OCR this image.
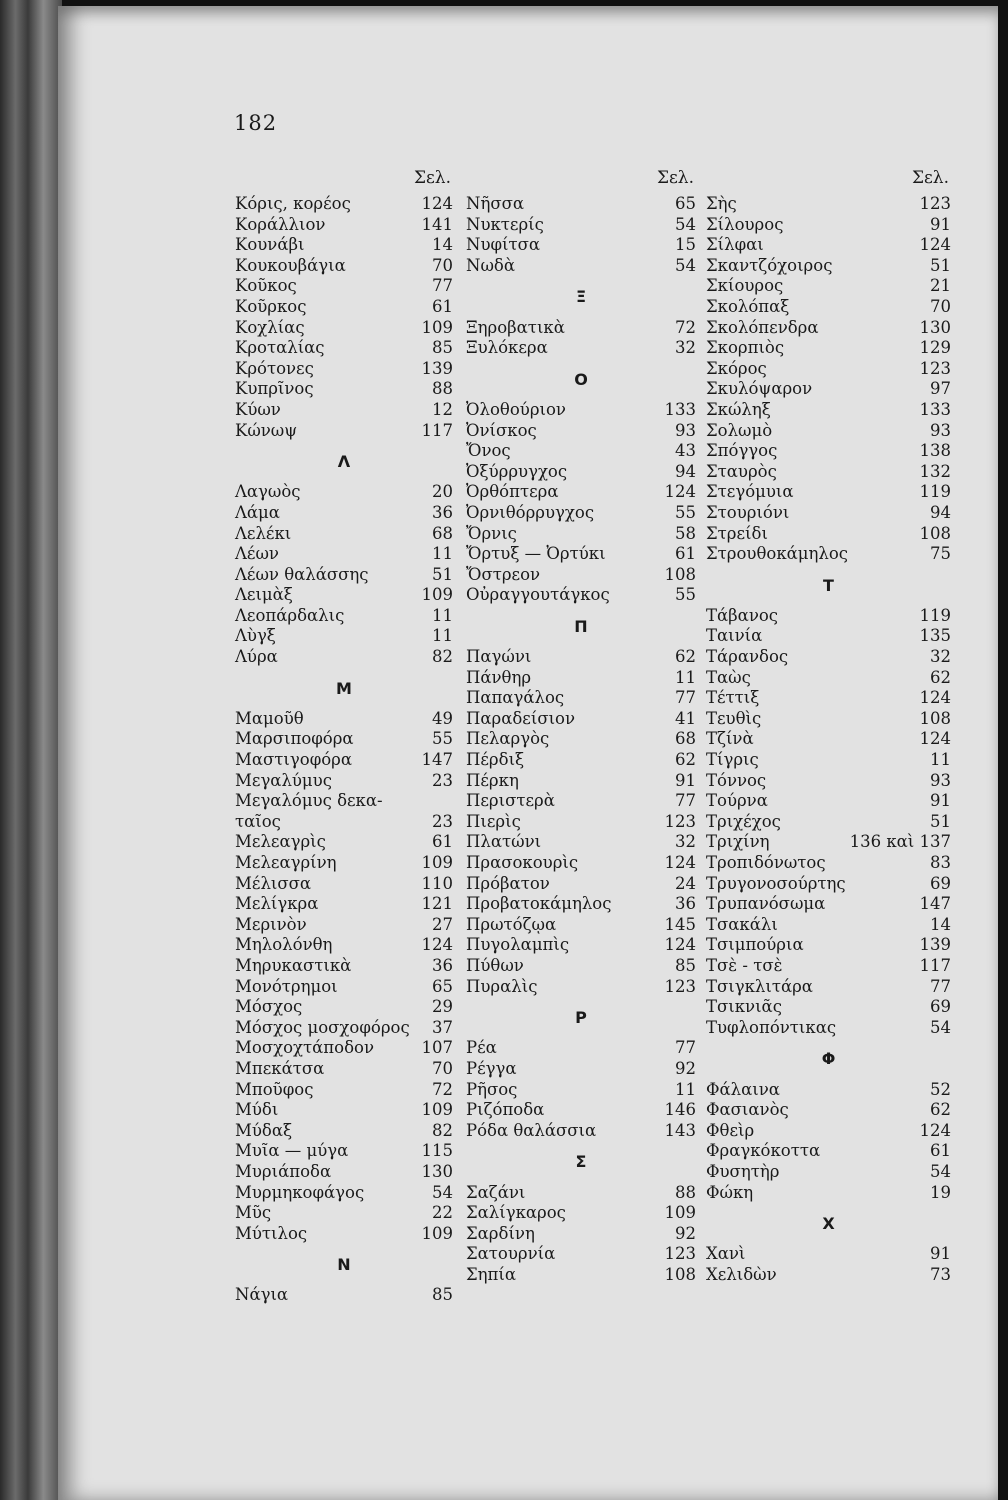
182
Σελ.
Κόρις, κορέος	124
Κοράλλιον	141
Κουνάβι	14
Κουκουβάγια	70
Κοῦκος	77
Κοῦρκος	61
Κοχλίας	109
Κροταλίας	85
Κρότονες	139
Κυπρῖνος	88
Κύων	12
Κώνωψ	117
Λ
Λαγωὸς	20
Λάμα	36
Λελέκι	68
Λέων	11
Λέων θαλάσσης	51
Λειμὰξ	109
Λεοπάρδαλις	11
Λὺγξ	11
Λύρα	82
Μ
Μαμοῦθ	49
Μαρσιποφόρα	55
Μαστιγοφόρα	147
Μεγαλύμυς	23
Μεγαλόμυς δεκα-
ταῖος	23
Μελεαγρὶς	61
Μελεαγρίνη	109
Μέλισσα	110
Μελίγκρα	121
Μερινὸν	27
Μηλολόνθη	124
Μηρυκαστικὰ	36
Μονότρημοι	65
Μόσχος	29
Μόσχος μοσχοφόρος	37
Μοσχοχτάποδον	107
Μπεκάτσα	70
Μποῦφος	72
Μύδι	109
Μύδαξ	82
Μυῖα — μύγα	115
Μυριάποδα	130
Μυρμηκοφάγος	54
Μῦς	22
Μύτιλος	109
Ν
Νάγια	85
Σελ.
Νῆσσα	65
Νυκτερίς	54
Νυφίτσα	15
Νωδὰ	54
Ξ
Ξηροβατικὰ	72
Ξυλόκερα	32
Ο
Ὀλοθούριον	133
Ὀνίσκος	93
Ὄνος	43
Ὀξύρρυγχος	94
Ὀρθόπτερα	124
Ὀρνιθόρρυγχος	55
Ὄρνις	58
Ὄρτυξ — Ὀρτύκι	61
Ὄστρεον	108
Οὐραγγουτάγκος	55
Π
Παγώνι	62
Πάνθηρ	11
Παπαγάλος	77
Παραδείσιον	41
Πελαργὸς	68
Πέρδιξ	62
Πέρκη	91
Περιστερὰ	77
Πιερὶς	123
Πλατώνι	32
Πρασοκουρὶς	124
Πρόβατον	24
Προβατοκάμηλος	36
Πρωτόζῳα	145
Πυγολαμπὶς	124
Πύθων	85
Πυραλὶς	123
Ρ
Ρέα	77
Ρέγγα	92
Ρῆσος	11
Ριζόποδα	146
Ρόδα θαλάσσια	143
Σ
Σαζάνι	88
Σαλίγκαρος	109
Σαρδίνη	92
Σατουρνία	123
Σηπία	108
Σελ.
Σὴς	123
Σίλουρος	91
Σίλφαι	124
Σκαντζόχοιρος	51
Σκίουρος	21
Σκολόπαξ	70
Σκολόπενδρα	130
Σκορπιὸς	129
Σκόρος	123
Σκυλόψαρον	97
Σκώληξ	133
Σολωμὸ	93
Σπόγγος	138
Σταυρὸς	132
Στεγόμυια	119
Στουριόνι	94
Στρείδι	108
Στρουθοκάμηλος	75
Τ
Τάβανος	119
Ταινία	135
Τάρανδος	32
Ταὼς	62
Τέττιξ	124
Τευθὶς	108
Τζίνὰ	124
Τίγρις	11
Τόννος	93
Τούρνα	91
Τριχέχος	51
Τριχίνη	136 καὶ 137
Τροπιδόνωτος	83
Τρυγονοσούρτης	69
Τρυπανόσωμα	147
Τσακάλι	14
Τσιμπούρια	139
Τσὲ - τσὲ	117
Τσιγκλιτάρα	77
Τσικνιᾶς	69
Τυφλοπόντικας	54
Φ
Φάλαινα	52
Φασιανὸς	62
Φθεὶρ	124
Φραγκόκοττα	61
Φυσητὴρ	54
Φώκη	19
Χ
Χανὶ	91
Χελιδὼν	73
